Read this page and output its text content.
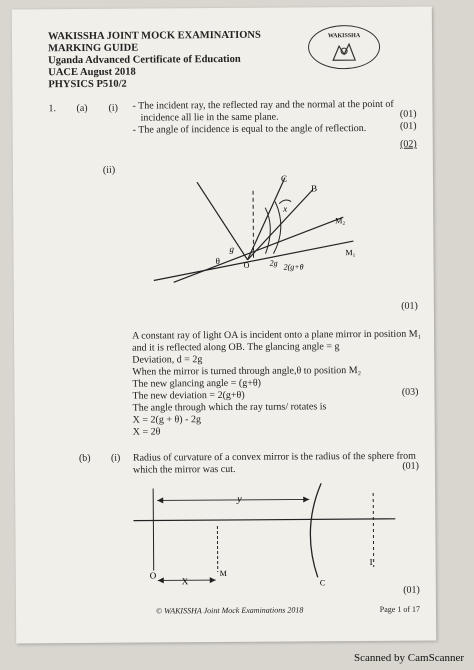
WAKISSHA JOINT MOCK EXAMINATIONS
MARKING GUIDE
Uganda Advanced Certificate of Education
UACE August 2018
PHYSICS P510/2
WAKISSHA
1. (a) (i) - The incident ray, the reflected ray and the normal at the point of
incidence all lie in the same plane.	(01)
- The angle of incidence is equal to the angle of reflection.	(01)
(02)
(ii)
C
B
x
M₂
M₁
g
θ	O	2g 2(g+θ
(01)
A constant ray of light OA is incident onto a plane mirror in position M₁
and it is reflected along OB. The glancing angle = g
Deviation, d = 2g
When the mirror is turned through angle,θ to position M₂
The new glancing angle = (g+θ)
The new deviation = 2(g+θ)	(03)
The angle through which the ray turns/ rotates is
X = 2(g + θ) - 2g
X = 2θ
(b) (i) Radius of curvature of a convex mirror is the radius of the sphere from
which the mirror was cut.	(01)
y
X
O	M
C
I
(01)
© WAKISSHA Joint Mock Examinations 2018	Page 1 of 17
Scanned by CamScanner
